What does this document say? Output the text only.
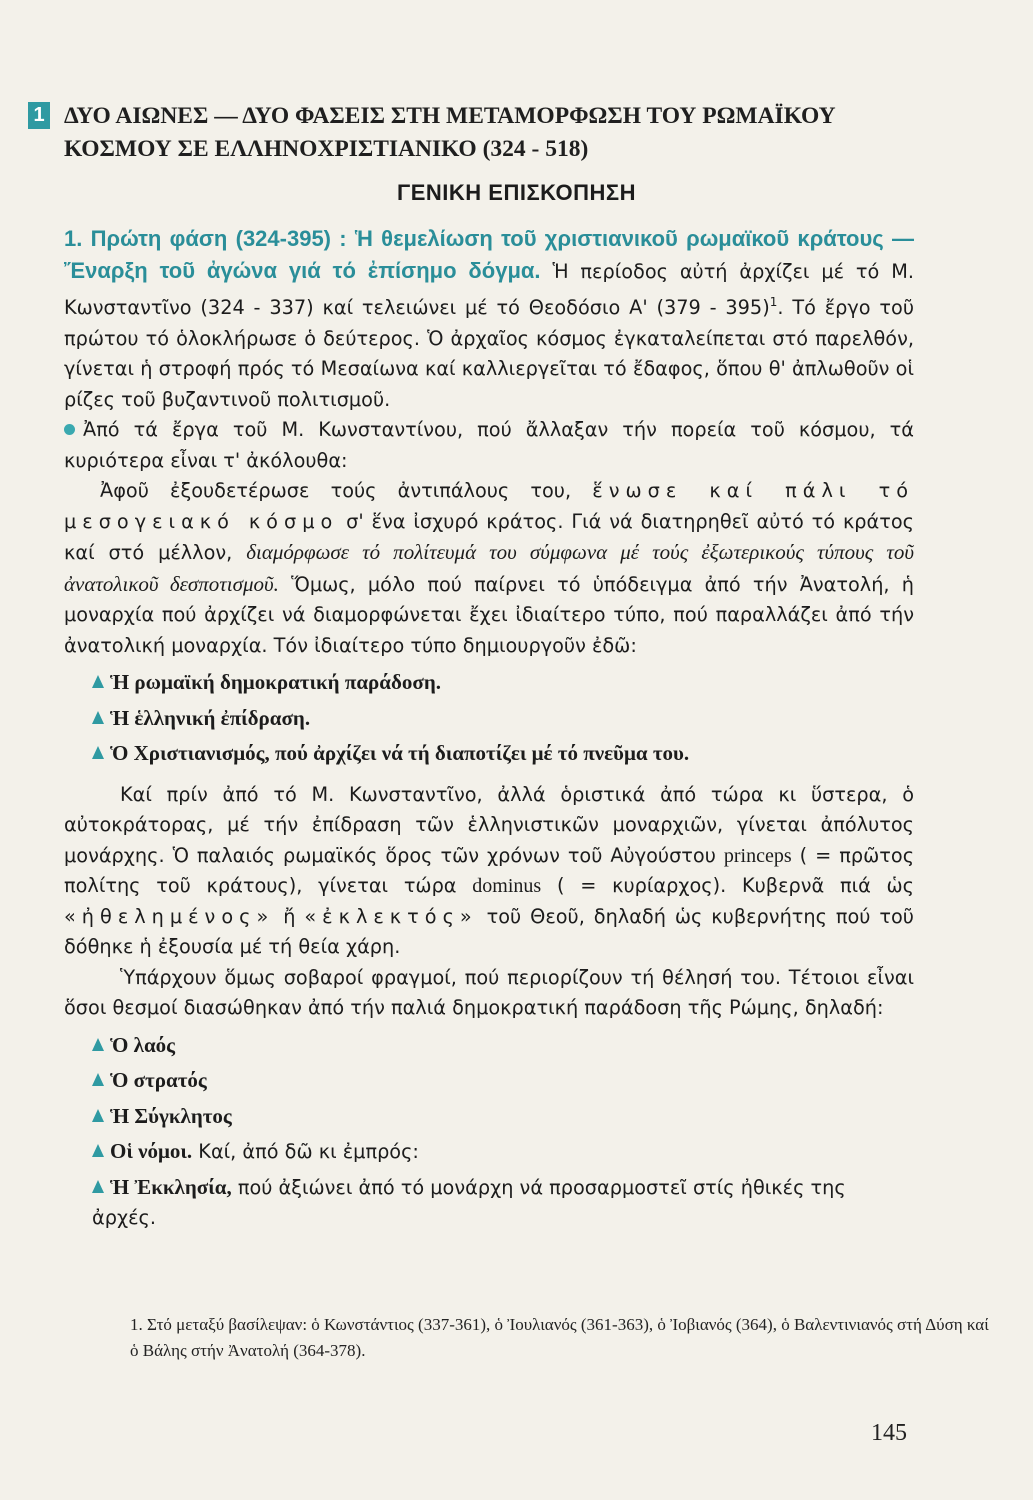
1 ΔΥΟ ΑΙΩΝΕΣ — ΔΥΟ ΦΑΣΕΙΣ ΣΤΗ ΜΕΤΑΜΟΡΦΩΣΗ ΤΟΥ ΡΩΜΑΪΚΟΥ
ΚΟΣΜΟΥ ΣΕ ΕΛΛΗΝΟΧΡΙΣΤΙΑΝΙΚΟ (324 - 518)
ΓΕΝΙΚΗ ΕΠΙΣΚΟΠΗΣΗ

1. Πρώτη φάση (324-395) : Ἡ θεμελίωση τοῦ χριστιανικοῦ ρωμαϊκοῦ κράτους — Ἔναρξη τοῦ ἀγώνα γιά τό ἐπίσημο δόγμα. Ἡ περίοδος αὐτή ἀρχίζει μέ τό Μ. Κωνσταντῖνο (324 - 337) καί τελειώνει μέ τό Θεοδόσιο Α' (379 - 395)$^1$. Τό ἔργο τοῦ πρώτου τό ὁλοκλήρωσε ὁ δεύτερος. Ὁ ἀρχαῖος κόσμος ἐγκαταλείπεται στό παρελθόν, γίνεται ἡ στροφή πρός τό Μεσαίωνα καί καλλιεργεῖται τό ἔδαφος, ὅπου θ' ἀπλωθοῦν οἱ ρίζες τοῦ βυζαντινοῦ πολιτισμοῦ.

Ἀπό τά ἔργα τοῦ Μ. Κωνσταντίνου, πού ἄλλαξαν τήν πορεία τοῦ κόσμου, τά κυριότερα εἶναι τ' ἀκόλουθα:

Ἀφοῦ ἐξουδετέρωσε τούς ἀντιπάλους του, ἕνωσε καί πάλι τό μεσογειακό κόσμο σ' ἕνα ἰσχυρό κράτος. Γιά νά διατηρηθεῖ αὐτό τό κράτος καί στό μέλλον, διαμόρφωσε τό πολίτευμά του σύμφωνα μέ τούς ἐξωτερικούς τύπους τοῦ ἀνατολικοῦ δεσποτισμοῦ. Ὅμως, μόλο πού παίρνει τό ὑπόδειγμα ἀπό τήν Ἀνατολή, ἡ μοναρχία πού ἀρχίζει νά διαμορφώνεται ἔχει ἰδιαίτερο τύπο, πού παραλλάζει ἀπό τήν ἀνατολική μοναρχία. Τόν ἰδιαίτερο τύπο δημιουργοῦν ἐδῶ:

Ἡ ρωμαϊκή δημοκρατική παράδοση.
Ἡ ἑλληνική ἐπίδραση.
Ὁ Χριστιανισμός, πού ἀρχίζει νά τή διαποτίζει μέ τό πνεῦμα του.

Καί πρίν ἀπό τό Μ. Κωνσταντῖνο, ἀλλά ὁριστικά ἀπό τώρα κι ὕστερα, ὁ αὐτοκράτορας, μέ τήν ἐπίδραση τῶν ἑλληνιστικῶν μοναρχιῶν, γίνεται ἀπόλυτος μονάρχης. Ὁ παλαιός ρωμαϊκός ὅρος τῶν χρόνων τοῦ Αὐγούστου princeps ( = πρῶτος πολίτης τοῦ κράτους), γίνεται τώρα dominus ( = κυρίαρχος). Κυβερνᾶ πιά ὡς «ἠθελημένος» ἤ «ἐκλεκτός» τοῦ Θεοῦ, δηλαδή ὡς κυβερνήτης πού τοῦ δόθηκε ἡ ἐξουσία μέ τή θεία χάρη.

Ὑπάρχουν ὅμως σοβαροί φραγμοί, πού περιορίζουν τή θέλησή του. Τέτοιοι εἶναι ὅσοι θεσμοί διασώθηκαν ἀπό τήν παλιά δημοκρατική παράδοση τῆς Ρώμης, δηλαδή:

Ὁ λαός
Ὁ στρατός
Ἡ Σύγκλητος
Οἱ νόμοι. Καί, ἀπό δῶ κι ἐμπρός:
Ἡ Ἐκκλησία, πού ἀξιώνει ἀπό τό μονάρχη νά προσαρμοστεῖ στίς ἠθικές της ἀρχές.

1. Στό μεταξύ βασίλεψαν: ὁ Κωνστάντιος (337-361), ὁ Ἰουλιανός (361-363), ὁ Ἰοβιανός (364), ὁ Βαλεντινιανός στή Δύση καί ὁ Βάλης στήν Ἀνατολή (364-378).

145
